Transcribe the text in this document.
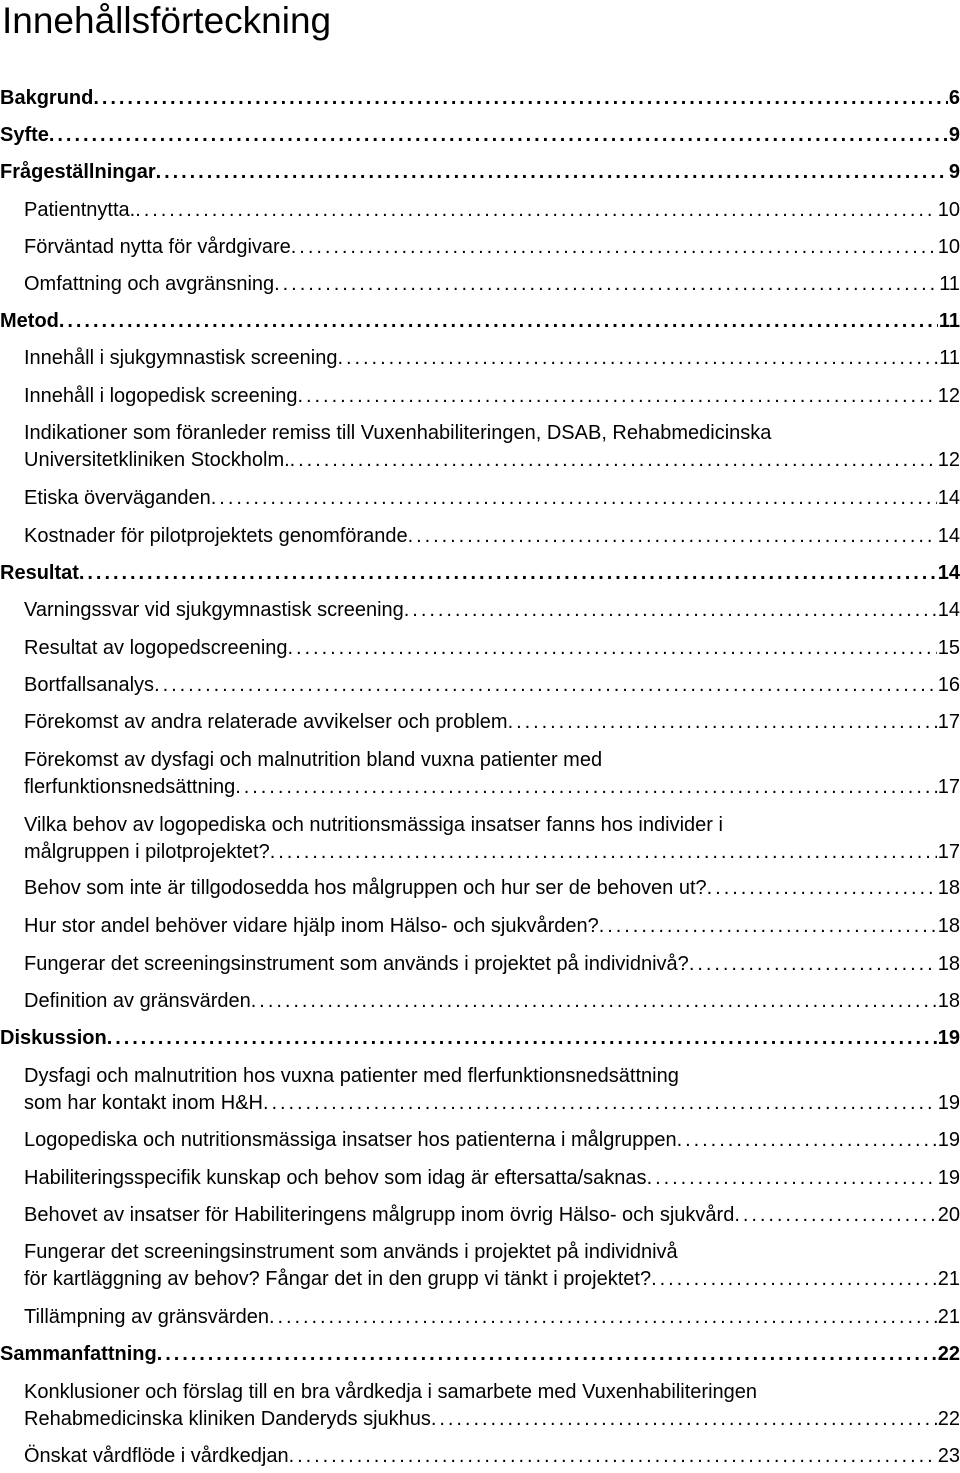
Innehållsförteckning
Bakgrund . . .	6
Syfte . . .	9
Frågeställningar . . .	9
Patientnytta. . . .	10
Förväntad nytta för vårdgivare . . .	10
Omfattning och avgränsning . . .	11
Metod . . .	11
Innehåll i sjukgymnastisk screening . . .	11
Innehåll i logopedisk screening . . .	12
Indikationer som föranleder remiss till Vuxenhabiliteringen, DSAB, Rehabmedicinska
Universitetkliniken Stockholm. . . .	12
Etiska överväganden . . .	14
Kostnader för pilotprojektets genomförande . . .	14
Resultat . . .	14
Varningssvar vid sjukgymnastisk screening . . .	14
Resultat av logopedscreening . . .	15
Bortfallsanalys . . .	16
Förekomst av andra relaterade avvikelser och problem . . .	17
Förekomst av dysfagi och malnutrition bland vuxna patienter med
flerfunktionsnedsättning . . .	17
Vilka behov av logopediska och nutritionsmässiga insatser fanns hos individer i
målgruppen i pilotprojektet? . . .	17
Behov som inte är tillgodosedda hos målgruppen och hur ser de behoven ut? . . .	18
Hur stor andel behöver vidare hjälp inom Hälso- och sjukvården? . . .	18
Fungerar det screeningsinstrument som används i projektet på individnivå? . . .	18
Definition av gränsvärden . . .	18
Diskussion . . .	19
Dysfagi och malnutrition hos vuxna patienter med flerfunktionsnedsättning
som har kontakt inom H&H . . .	19
Logopediska och nutritionsmässiga insatser hos patienterna i målgruppen . . .	19
Habiliteringsspecifik kunskap och behov som idag är eftersatta/saknas . . .	19
Behovet av insatser för Habiliteringens målgrupp inom övrig Hälso- och sjukvård . . .	20
Fungerar det screeningsinstrument som används i projektet på individnivå
för kartläggning av behov? Fångar det in den grupp vi tänkt i projektet? . . .	21
Tillämpning av gränsvärden . . .	21
Sammanfattning . . .	22
Konklusioner och förslag till en bra vårdkedja i samarbete med Vuxenhabiliteringen
Rehabmedicinska kliniken Danderyds sjukhus . . .	22
Önskat vårdflöde i vårdkedjan . . .	23
